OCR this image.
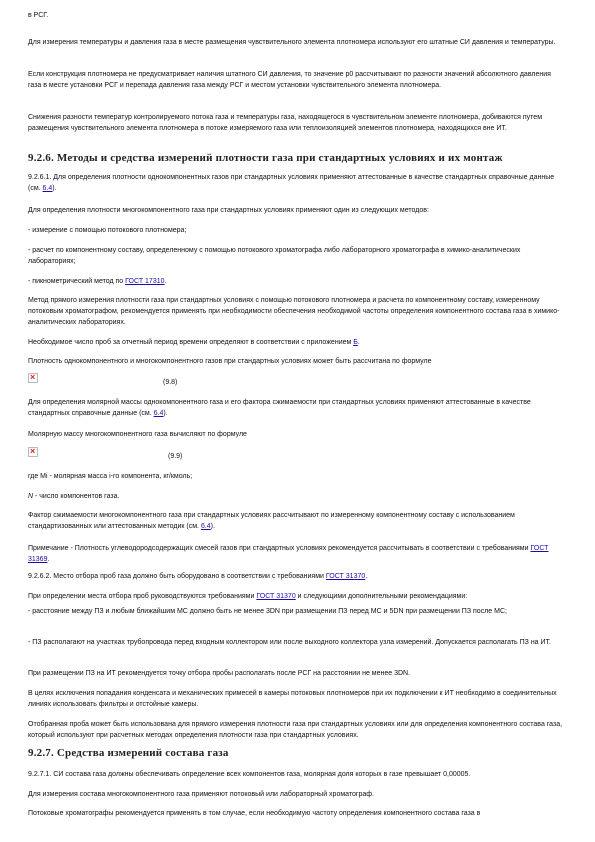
в РСГ.

Для измерения температуры и давления газа в месте размещения чувствительного элемента плотномера используют его штатные СИ давления и температуры.

Если конструкция плотномера не предусматривает наличия штатного СИ давления, то значение р0 рассчитывают по разности значений абсолютного давления газа в месте установки РСГ и перепада давления газа между РСГ и местом установки чувствительного элемента плотномера.

Снижения разности температур контролируемого потока газа и температуры газа, находящегося в чувствительном элементе плотномера, добиваются путем размещения чувствительного элемента плотномера в потоке измеряемого газа или теплоизоляцией элементов плотномера, находящихся вне ИТ.

9.2.6. Методы и средства измерений плотности газа при стандартных условиях и их монтаж

9.2.6.1. Для определения плотности однокомпонентных газов при стандартных условиях применяют аттестованные в качестве стандартных справочные данные (см. 6.4).

Для определения плотности многокомпонентного газа при стандартных условиях применяют один из следующих методов:

- измерение с помощью потокового плотномера;

- расчет по компонентному составу, определенному с помощью потокового хроматографа либо лабораторного хроматографа в химико-аналитических лабораториях;

- пикнометрический метод по ГОСТ 17310.

Метод прямого измерения плотности газа при стандартных условиях с помощью потокового плотномера и расчета по компонентному составу, измеренному потоковым хроматографом, рекомендуется применять при необходимости обеспечения необходимой частоты определения компонентного состава газа в химико-аналитических лабораториях.

Необходимое число проб за отчетный период времени определяют в соответствии с приложением Б.

Плотность однокомпонентного и многокомпонентного газов при стандартных условиях может быть рассчитана по формуле

×
(9.8)

Для определения молярной массы однокомпонентного газа и его фактора сжимаемости при стандартных условиях применяют аттестованные в качестве стандартных справочные данные (см. 6.4).

Молярную массу многокомпонентного газа вычисляют по формуле

×
(9.9)

где Mi - молярная масса i-го компонента, кг/кмоль;

N - число компонентов газа.

Фактор сжимаемости многокомпонентного газа при стандартных условиях рассчитывают по измеренному компонентному составу с использованием стандартизованных или аттестованных методик (см. 6.4).

Примечание - Плотность углеводородсодержащих смесей газов при стандартных условиях рекомендуется рассчитывать в соответствии с требованиями ГОСТ 31369.

9.2.6.2. Место отбора проб газа должно быть оборудовано в соответствии с требованиями ГОСТ 31370.

При определении места отбора проб руководствуются требованиями ГОСТ 31370 и следующими дополнительными рекомендациями:

- расстояние между ПЗ и любым ближайшим МС должно быть не менее 3DN при размещении ПЗ перед МС и 5DN при размещении ПЗ после МС;

- ПЗ располагают на участках трубопровода перед входным коллектором или после выходного коллектора узла измерений. Допускается располагать ПЗ на ИТ.

При размещении ПЗ на ИТ рекомендуется точку отбора пробы располагать после РСГ на расстоянии не менее 3DN.

В целях исключения попадания конденсата и механических примесей в камеры потоковых плотномеров при их подключении к ИТ необходимо в соединительных линиях использовать фильтры и отстойные камеры.

Отобранная проба может быть использована для прямого измерения плотности газа при стандартных условиях или для определения компонентного состава газа, который используют при расчетных методах определения плотности газа при стандартных условиях.

9.2.7. Средства измерений состава газа

9.2.7.1. СИ состава газа должны обеспечивать определение всех компонентов газа, молярная доля которых в газе превышает 0,00005.

Для измерения состава многокомпонентного газа применяют потоковый или лабораторный хроматограф.

Потоковые хроматографы рекомендуется применять в том случае, если необходимую частоту определения компонентного состава газа в
